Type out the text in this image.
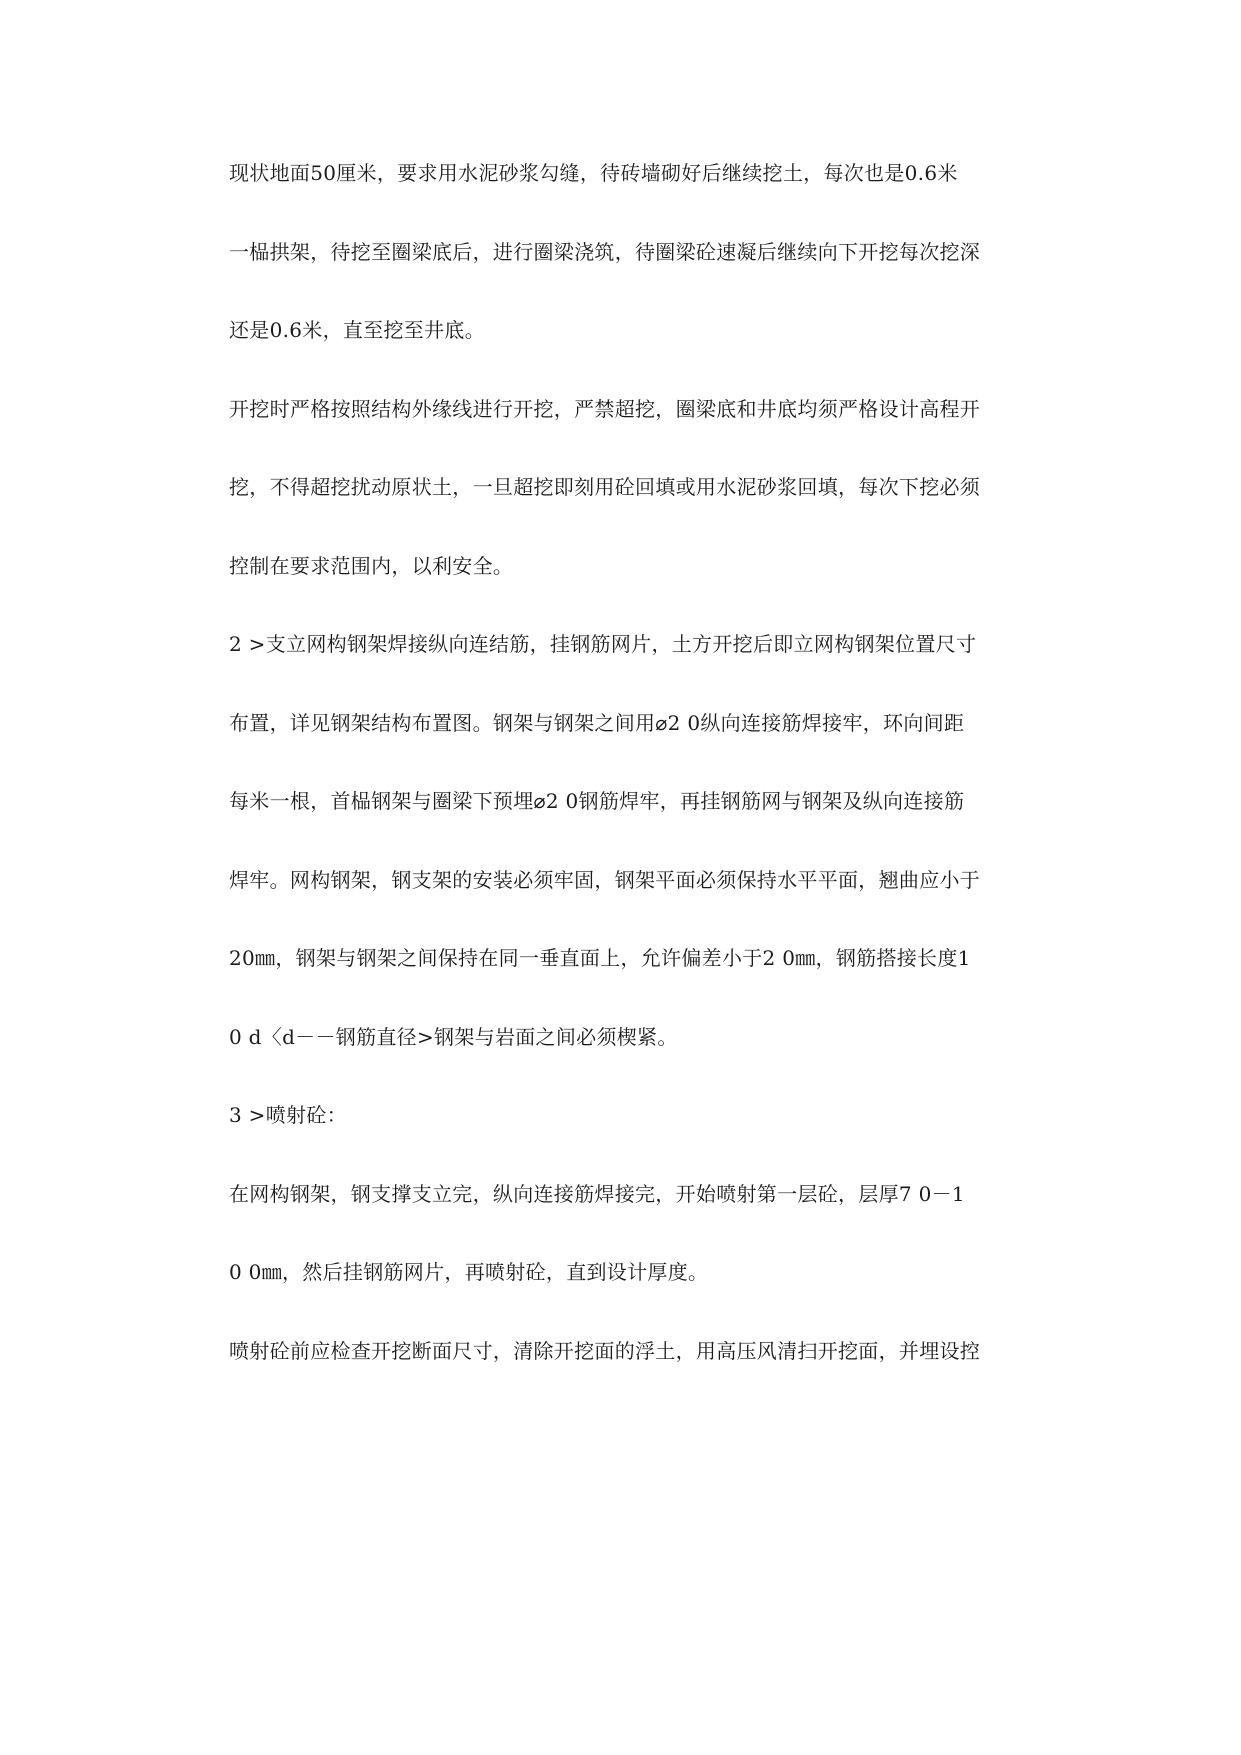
现状地面50厘米，要求用水泥砂浆勾缝，待砖墙砌好后继续挖土，每次也是0.6米
一榀拱架，待挖至圈梁底后，进行圈梁浇筑，待圈梁砼速凝后继续向下开挖每次挖深
还是0.6米，直至挖至井底。
开挖时严格按照结构外缘线进行开挖，严禁超挖，圈梁底和井底均须严格设计高程开
挖，不得超挖扰动原状土，一旦超挖即刻用砼回填或用水泥砂浆回填，每次下挖必须
控制在要求范围内，以利安全。
2 >支立网构钢架焊接纵向连结筋，挂钢筋网片，土方开挖后即立网构钢架位置尺寸
布置，详见钢架结构布置图。钢架与钢架之间用⌀2 0纵向连接筋焊接牢，环向间距
每米一根，首榀钢架与圈梁下预埋⌀2 0钢筋焊牢，再挂钢筋网与钢架及纵向连接筋
焊牢。网构钢架，钢支架的安装必须牢固，钢架平面必须保持水平平面，翘曲应小于
20㎜，钢架与钢架之间保持在同一垂直面上，允许偏差小于2 0㎜，钢筋搭接长度1
0 d〈d－－钢筋直径>钢架与岩面之间必须楔紧。
3 >喷射砼：
在网构钢架，钢支撑支立完，纵向连接筋焊接完，开始喷射第一层砼，层厚7 0－1
0 0㎜，然后挂钢筋网片，再喷射砼，直到设计厚度。
喷射砼前应检查开挖断面尺寸，清除开挖面的浮土，用高压风清扫开挖面，并埋设控
